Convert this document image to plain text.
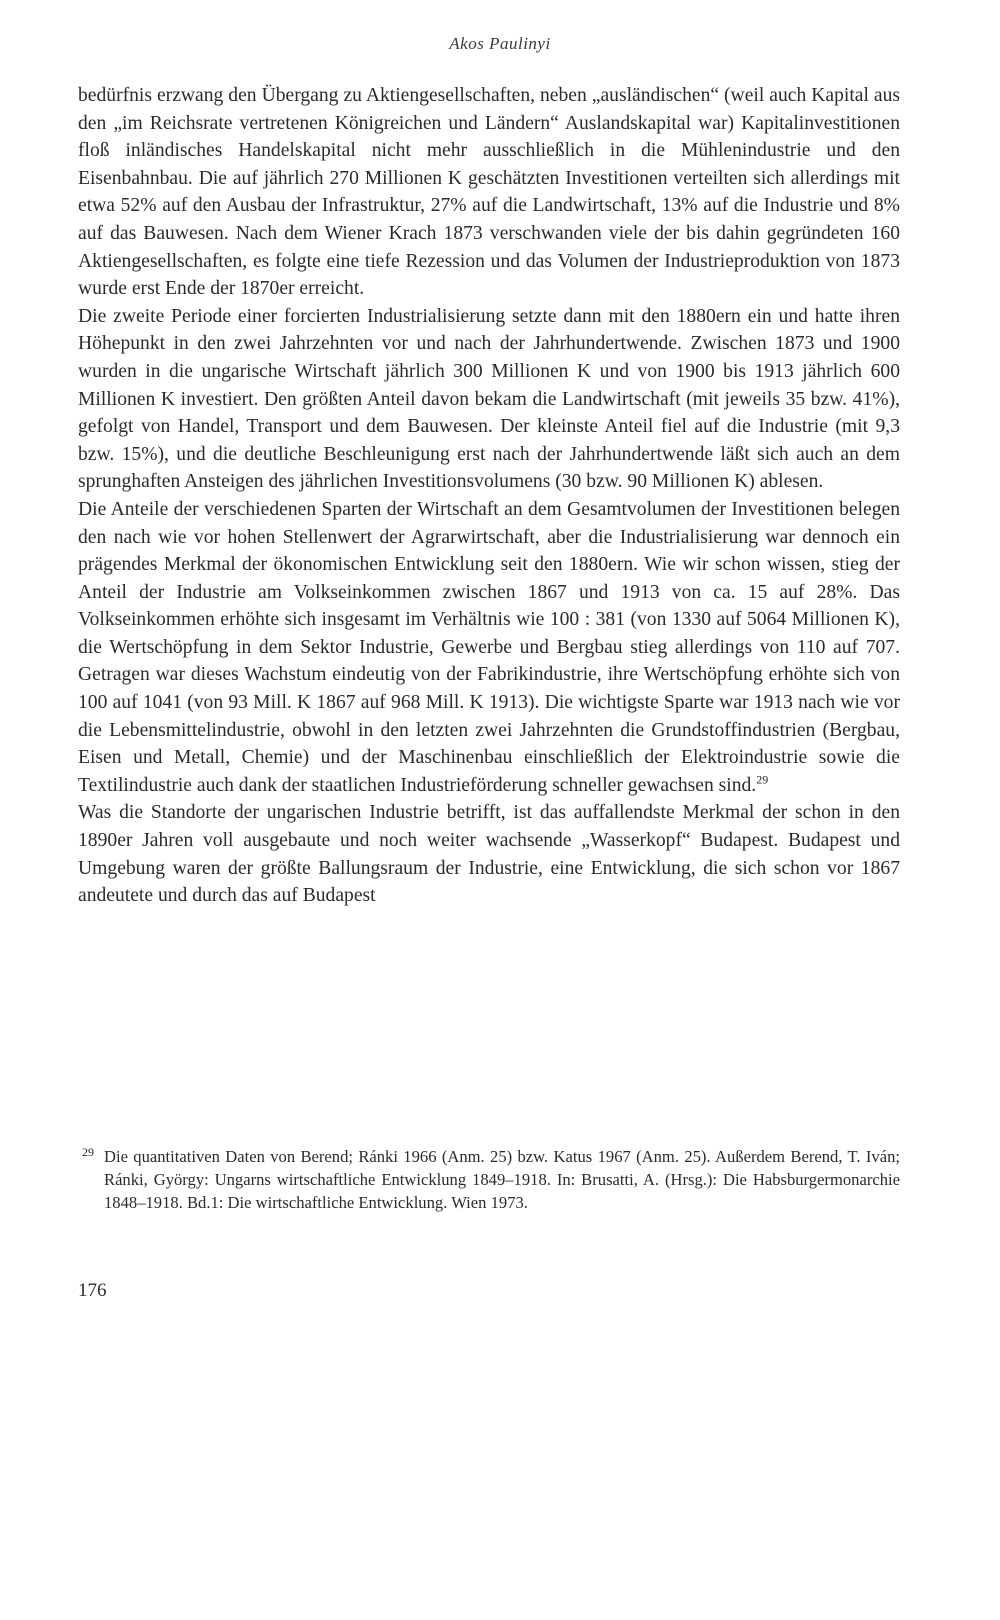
Akos Paulinyi

bedürfnis erzwang den Übergang zu Aktiengesellschaften, neben „ausländischen“ (weil auch Kapital aus den „im Reichsrate vertretenen Königreichen und Ländern“ Auslandskapital war) Kapitalinvestitionen floß inländisches Handelskapital nicht mehr ausschließlich in die Mühlenindustrie und den Eisenbahnbau. Die auf jährlich 270 Millionen K geschätzten Investitionen verteilten sich allerdings mit etwa 52% auf den Ausbau der Infrastruktur, 27% auf die Landwirtschaft, 13% auf die Industrie und 8% auf das Bauwesen. Nach dem Wiener Krach 1873 verschwanden viele der bis dahin gegründeten 160 Aktiengesellschaften, es folgte eine tiefe Rezession und das Volumen der Industrieproduktion von 1873 wurde erst Ende der 1870er erreicht.

Die zweite Periode einer forcierten Industrialisierung setzte dann mit den 1880ern ein und hatte ihren Höhepunkt in den zwei Jahrzehnten vor und nach der Jahrhundertwende. Zwischen 1873 und 1900 wurden in die ungarische Wirtschaft jährlich 300 Millionen K und von 1900 bis 1913 jährlich 600 Millionen K investiert. Den größten Anteil davon bekam die Landwirtschaft (mit jeweils 35 bzw. 41%), gefolgt von Handel, Transport und dem Bauwesen. Der kleinste Anteil fiel auf die Industrie (mit 9,3 bzw. 15%), und die deutliche Beschleunigung erst nach der Jahrhundertwende läßt sich auch an dem sprunghaften Ansteigen des jährlichen Investitionsvolumens (30 bzw. 90 Millionen K) ablesen.

Die Anteile der verschiedenen Sparten der Wirtschaft an dem Gesamtvolumen der Investitionen belegen den nach wie vor hohen Stellenwert der Agrarwirtschaft, aber die Industrialisierung war dennoch ein prägendes Merkmal der ökonomischen Entwicklung seit den 1880ern. Wie wir schon wissen, stieg der Anteil der Industrie am Volkseinkommen zwischen 1867 und 1913 von ca. 15 auf 28%. Das Volkseinkommen erhöhte sich insgesamt im Verhältnis wie 100 : 381 (von 1330 auf 5064 Millionen K), die Wertschöpfung in dem Sektor Industrie, Gewerbe und Bergbau stieg allerdings von 110 auf 707. Getragen war dieses Wachstum eindeutig von der Fabrikindustrie, ihre Wertschöpfung erhöhte sich von 100 auf 1041 (von 93 Mill. K 1867 auf 968 Mill. K 1913). Die wichtigste Sparte war 1913 nach wie vor die Lebensmittelindustrie, obwohl in den letzten zwei Jahrzehnten die Grundstoffindustrien (Bergbau, Eisen und Metall, Chemie) und der Maschinenbau einschließlich der Elektroindustrie sowie die Textilindustrie auch dank der staatlichen Industrieförderung schneller gewachsen sind.$^{29}$

Was die Standorte der ungarischen Industrie betrifft, ist das auffallendste Merkmal der schon in den 1890er Jahren voll ausgebaute und noch weiter wachsende „Wasserkopf“ Budapest. Budapest und Umgebung waren der größte Ballungsraum der Industrie, eine Entwicklung, die sich schon vor 1867 andeutete und durch das auf Budapest

29 Die quantitativen Daten von Berend; Ránki 1966 (Anm. 25) bzw. Katus 1967 (Anm. 25). Außerdem Berend, T. Iván; Ránki, György: Ungarns wirtschaftliche Entwicklung 1849–1918. In: Brusatti, A. (Hrsg.): Die Habsburgermonarchie 1848–1918. Bd.1: Die wirtschaftliche Entwicklung. Wien 1973.
176
